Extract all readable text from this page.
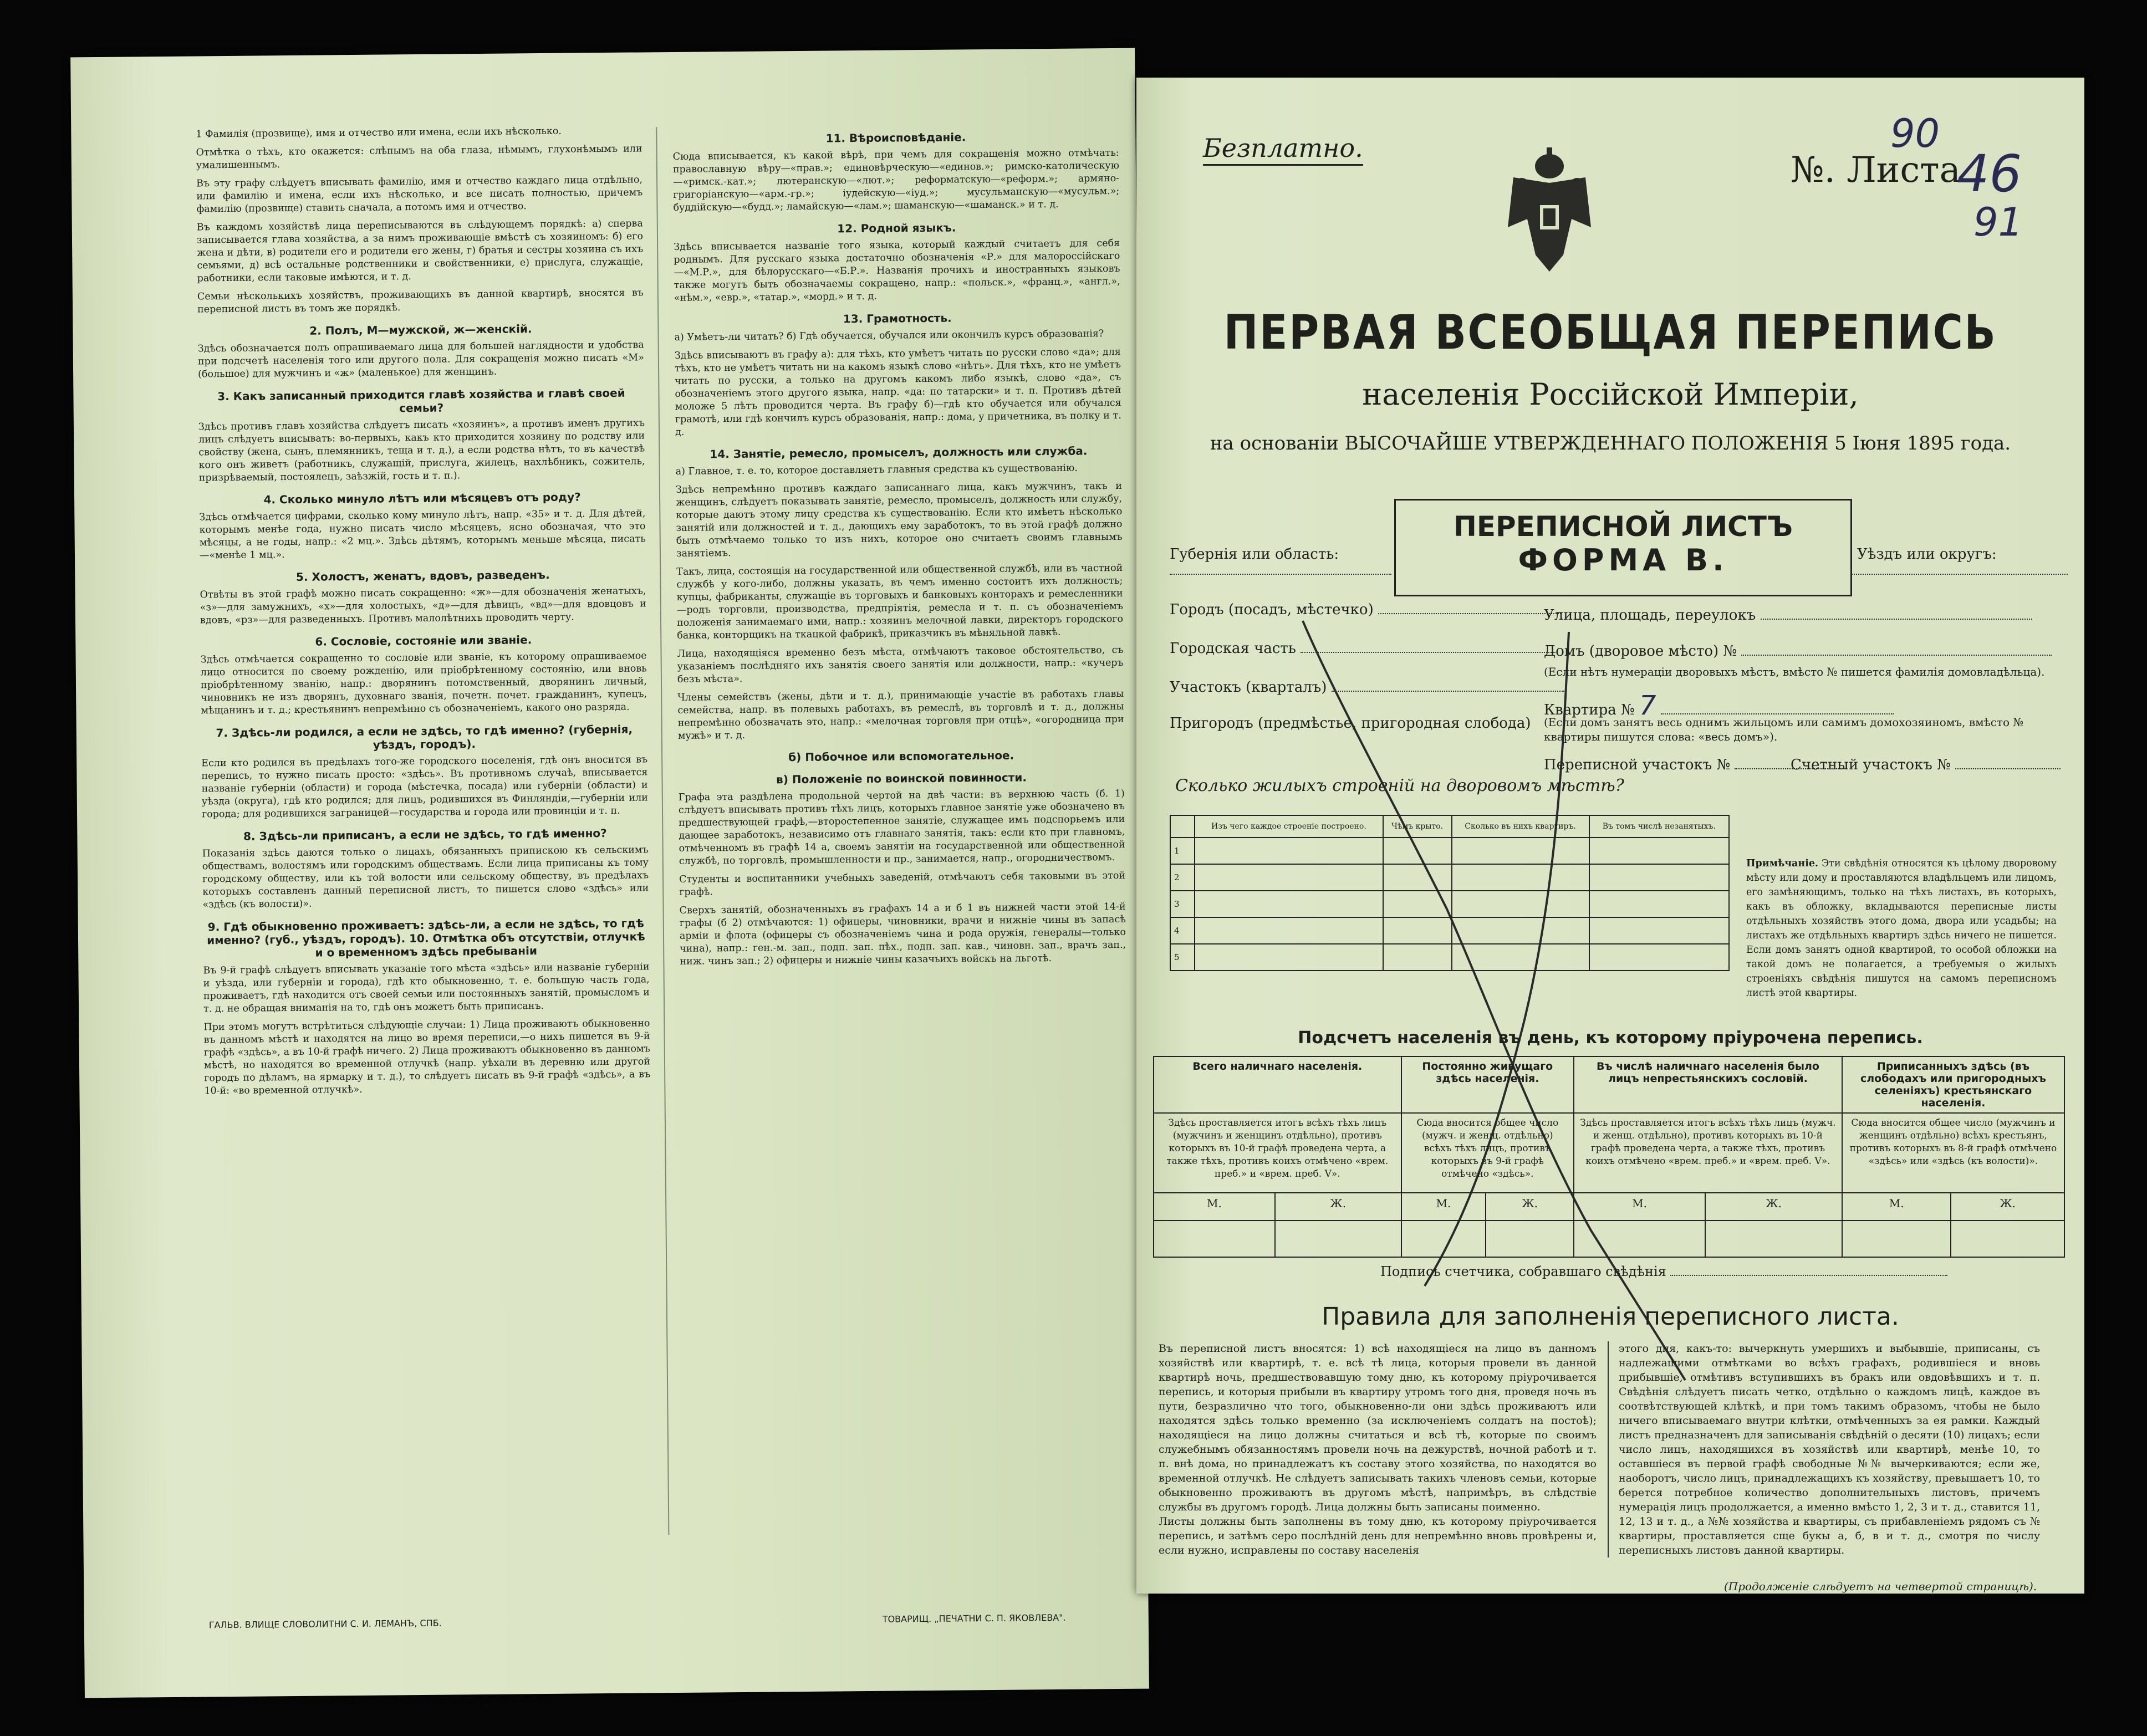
1 Фамилія (прозвище), имя и отчество или имена, если ихъ нѣсколько.

Отмѣтка о тѣхъ, кто окажется: слѣпымъ на оба глаза, нѣмымъ, глухонѣмымъ или умалишеннымъ.

Въ эту графу слѣдуетъ вписывать фамилію, имя и отчество каждаго лица отдѣльно, или фамилію и имена, если ихъ нѣсколько, и все писать полностью, причемъ фамилію (прозвище) ставить сначала, а потомъ имя и отчество.

Въ каждомъ хозяйствѣ лица переписываются въ слѣдующемъ порядкѣ: а) сперва записывается глава хозяйства, а за нимъ проживающіе вмѣстѣ съ хозяиномъ: б) его жена и дѣти, в) родители его и родители его жены, г) братья и сестры хозяина съ ихъ семьями, д) всѣ остальные родственники и свойственники, е) прислуга, служащіе, работники, если таковые имѣются, и т. д.

Семьи нѣсколькихъ хозяйствъ, проживающихъ въ данной квартирѣ, вносятся въ переписной листъ въ томъ же порядкѣ.

2. Полъ, М—мужской, ж—женскій.

Здѣсь обозначается полъ опрашиваемаго лица для большей наглядности и удобства при подсчетѣ населенія того или другого пола. Для сокращенія можно писать «М» (большое) для мужчинъ и «ж» (маленькое) для женщинъ.

3. Какъ записанный приходится главѣ хозяйства и главѣ своей семьи?

Здѣсь противъ главъ хозяйства слѣдуетъ писать «хозяинъ», а противъ именъ другихъ лицъ слѣдуетъ вписывать: во-первыхъ, какъ кто приходится хозяину по родству или свойству (жена, сынъ, племянникъ, теща и т. д.), а если родства нѣтъ, то въ качествѣ кого онъ живетъ (работникъ, служащій, прислуга, жилецъ, нахлѣбникъ, сожитель, призрѣваемый, постоялецъ, заѣзжій, гость и т. п.).

4. Сколько минуло лѣтъ или мѣсяцевъ отъ роду?

Здѣсь отмѣчается цифрами, сколько кому минуло лѣтъ, напр. «35» и т. д. Для дѣтей, которымъ менѣе года, нужно писать число мѣсяцевъ, ясно обозначая, что это мѣсяцы, а не годы, напр.: «2 мц.». Здѣсь дѣтямъ, которымъ меньше мѣсяца, писать—«менѣе 1 мц.».

5. Холостъ, женатъ, вдовъ, разведенъ.

Отвѣты въ этой графѣ можно писать сокращенно: «ж»—для обозначенія женатыхъ, «з»—для замужнихъ, «х»—для холостыхъ, «д»—для дѣвицъ, «вд»—для вдовцовъ и вдовъ, «рз»—для разведенныхъ. Противъ малолѣтнихъ проводить черту.

6. Сословіе, состояніе или званіе.

Здѣсь отмѣчается сокращенно то сословіе или званіе, къ которому опрашиваемое лицо относится по своему рожденію, или пріобрѣтенному состоянію, или вновь пріобрѣтенному званію, напр.: дворянинъ потомственный, дворянинъ личный, чиновникъ не изъ дворянъ, духовнаго званія, почетн. почет. гражданинъ, купецъ, мѣщанинъ и т. д.; крестьянинъ непремѣнно съ обозначеніемъ, какого оно разряда.

7. Здѣсь-ли родился, а если не здѣсь, то гдѣ именно? (губернія, уѣздъ, городъ).

Если кто родился въ предѣлахъ того-же городского поселенія, гдѣ онъ вносится въ перепись, то нужно писать просто: «здѣсь». Въ противномъ случаѣ, вписывается названіе губерніи (области) и города (мѣстечка, посада) или губерніи (области) и уѣзда (округа), гдѣ кто родился; для лицъ, родившихся въ Финляндіи,—губерніи или города; для родившихся заграницей—государства и города или провинціи и т. п.

8. Здѣсь-ли приписанъ, а если не здѣсь, то гдѣ именно?

Показанія здѣсь даются только о лицахъ, обязанныхъ припискою къ сельскимъ обществамъ, волостямъ или городскимъ обществамъ. Если лица приписаны къ тому городскому обществу, или къ той волости или сельскому обществу, въ предѣлахъ которыхъ составленъ данный переписной листъ, то пишется слово «здѣсь» или «здѣсь (къ волости)».

9. Гдѣ обыкновенно проживаетъ: здѣсь-ли, а если не здѣсь, то гдѣ именно? (губ., уѣздъ, городъ). 10. Отмѣтка объ отсутствіи, отлучкѣ и о временномъ здѣсь пребываніи

Въ 9-й графѣ слѣдуетъ вписывать указаніе того мѣста «здѣсь» или названіе губерніи и уѣзда, или губерніи и города), гдѣ кто обыкновенно, т. е. большую часть года, проживаетъ, гдѣ находится отъ своей семьи или постоянныхъ занятій, промысломъ и т. д. не обращая вниманія на то, гдѣ онъ можетъ быть приписанъ.

При этомъ могутъ встрѣтиться слѣдующіе случаи: 1) Лица проживаютъ обыкновенно въ данномъ мѣстѣ и находятся на лицо во время переписи,—о нихъ пишется въ 9-й графѣ «здѣсь», а въ 10-й графѣ ничего. 2) Лица проживаютъ обыкновенно въ данномъ мѣстѣ, но находятся во временной отлучкѣ (напр. уѣхали въ деревню или другой городъ по дѣламъ, на ярмарку и т. д.), то слѣдуетъ писать въ 9-й графѣ «здѣсь», а въ 10-й: «во временной отлучкѣ».

11. Вѣроисповѣданіе.

Сюда вписывается, къ какой вѣрѣ, при чемъ для сокращенія можно отмѣчать: православную вѣру—«прав.»; единовѣрческую—«единов.»; римско-католическую—«римск.-кат.»; лютеранскую—«лют.»; реформатскую—«реформ.»; армяно-григоріанскую—«арм.-гр.»; іудейскую—«іуд.»; мусульманскую—«мусульм.»; буддійскую—«будд.»; ламайскую—«лам.»; шаманскую—«шаманск.» и т. д.

12. Родной языкъ.

Здѣсь вписывается названіе того языка, который каждый считаетъ для себя роднымъ. Для русскаго языка достаточно обозначенія «Р.» для малороссійскаго—«М.Р.», для бѣлорусскаго—«Б.Р.». Названія прочихъ и иностранныхъ языковъ также могутъ быть обозначаемы сокращено, напр.: «польск.», «франц.», «англ.», «нѣм.», «евр.», «татар.», «морд.» и т. д.

13. Грамотность.

а) Умѣетъ-ли читать? б) Гдѣ обучается, обучался или окончилъ курсъ образованія?

Здѣсь вписываютъ въ графу а): для тѣхъ, кто умѣетъ читать по русски слово «да»; для тѣхъ, кто не умѣетъ читать ни на какомъ языкѣ слово «нѣтъ». Для тѣхъ, кто не умѣетъ читать по русски, а только на другомъ какомъ либо языкѣ, слово «да», съ обозначеніемъ этого другого языка, напр. «да: по татарски» и т. п. Противъ дѣтей моложе 5 лѣтъ проводится черта. Въ графу б)—гдѣ кто обучается или обучался грамотѣ, или гдѣ кончилъ курсъ образованія, напр.: дома, у причетника, въ полку и т. д.

14. Занятіе, ремесло, промыселъ, должность или служба.

а) Главное, т. е. то, которое доставляетъ главныя средства къ существованію.

Здѣсь непремѣнно противъ каждаго записаннаго лица, какъ мужчинъ, такъ и женщинъ, слѣдуетъ показывать занятіе, ремесло, промыселъ, должность или службу, которые даютъ этому лицу средства къ существованію. Если кто имѣетъ нѣсколько занятій или должностей и т. д., дающихъ ему заработокъ, то въ этой графѣ должно быть отмѣчаемо только то изъ нихъ, которое оно считаетъ своимъ главнымъ занятіемъ.

Такъ, лица, состоящія на государственной или общественной службѣ, или въ частной службѣ у кого-либо, должны указать, въ чемъ именно состоитъ ихъ должность; купцы, фабриканты, служащіе въ торговыхъ и банковыхъ конторахъ и ремесленники—родъ торговли, производства, предпріятія, ремесла и т. п. съ обозначеніемъ положенія занимаемаго ими, напр.: хозяинъ мелочной лавки, директоръ городского банка, конторщикъ на ткацкой фабрикѣ, приказчикъ въ мѣняльной лавкѣ.

Лица, находящіяся временно безъ мѣста, отмѣчаютъ таковое обстоятельство, съ указаніемъ послѣдняго ихъ занятія своего занятія или должности, напр.: «кучеръ безъ мѣста».

Члены семействъ (жены, дѣти и т. д.), принимающіе участіе въ работахъ главы семейства, напр. въ полевыхъ работахъ, въ ремеслѣ, въ торговлѣ и т. д., должны непремѣнно обозначать это, напр.: «мелочная торговля при отцѣ», «огородница при мужѣ» и т. д.

б) Побочное или вспомогательное.
в) Положеніе по воинской повинности.

Графа эта раздѣлена продольной чертой на двѣ части: въ верхнюю часть (б. 1) слѣдуетъ вписывать противъ тѣхъ лицъ, которыхъ главное занятіе уже обозначено въ предшествующей графѣ,—второстепенное занятіе, служащее имъ подспорьемъ или дающее заработокъ, независимо отъ главнаго занятія, такъ: если кто при главномъ, отмѣченномъ въ графѣ 14 а, своемъ занятіи на государственной или общественной службѣ, по торговлѣ, промышленности и пр., занимается, напр., огородничествомъ.

Студенты и воспитанники учебныхъ заведеній, отмѣчаютъ себя таковыми въ этой графѣ.

Сверхъ занятій, обозначенныхъ въ графахъ 14 а и б 1 въ нижней части этой 14-й графы (б 2) отмѣчаются: 1) офицеры, чиновники, врачи и нижніе чины въ запасѣ арміи и флота (офицеры съ обозначеніемъ чина и рода оружія, генералы—только чина), напр.: ген.-м. зап., подп. зап. пѣх., подп. зап. кав., чиновн. зап., врачъ зап., ниж. чинъ зап.; 2) офицеры и нижніе чины казачьихъ войскъ на льготѣ.

ГАЛЬВ. ВЛИЩЕ СЛОВОЛИТНИ С. И. ЛЕМАНЪ, СПБ.	ТОВАРИЩ. „ПЕЧАТНИ С. П. ЯКОВЛЕВА".
Безплатно.
№. Листа
90
46
91
ПЕРВАЯ ВСЕОБЩАЯ ПЕРЕПИСЬ
населенія Россійской Имперіи,
на основаніи ВЫСОЧАЙШЕ УТВЕРЖДЕННАГО ПОЛОЖЕНІЯ 5 Іюня 1895 года.
Губернія или область:	Уѣздъ или округъ:
ПЕРЕПИСНОЙ ЛИСТЪ
ФОРМА В.
Городъ (посадъ, мѣстечко)
Городская часть
Участокъ (кварталъ)
Пригородъ (предмѣстье, пригородная слобода)
Улица, площадь, переулокъ
Домъ (дворовое мѣсто) №
(Если нѣтъ нумераціи дворовыхъ мѣстъ, вмѣсто № пишется фамилія домовладѣльца).
Квартира № 7
(Если домъ занятъ весь однимъ жильцомъ или самимъ домохозяиномъ, вмѣсто № квартиры пишутся слова: «весь домъ»).
Переписной участокъ №	Счетный участокъ №
Сколько жилыхъ строеній на дворовомъ мѣстѣ?
	Изъ чего каждое строеніе построено.	Чѣмъ крыто.	Сколько въ нихъ квартиръ.	Въ томъ числѣ незанятыхъ.
1				
2				
3				
4				
5				
Примѣчаніе. Эти свѣдѣнія относятся къ цѣлому дворовому мѣсту или дому и проставляются владѣльцемъ или лицомъ, его замѣняющимъ, только на тѣхъ листахъ, въ которыхъ, какъ въ обложку, вкладываются переписные листы отдѣльныхъ хозяйствъ этого дома, двора или усадьбы; на листахъ же отдѣльныхъ квартиръ здѣсь ничего не пишется. Если домъ занятъ одной квартирой, то особой обложки на такой домъ не полагается, а требуемыя о жилыхъ строеніяхъ свѣдѣнія пишутся на самомъ переписномъ листѣ этой квартиры.
Подсчетъ населенія въ день, къ которому пріурочена перепись.
Всего наличнаго населенія.		Постоянно живущаго здѣсь населенія.		Въ числѣ наличнаго населенія было лицъ непрестьянскихъ сословій.		Приписанныхъ здѣсь (въ слободахъ или пригородныхъ селеніяхъ) крестьянскаго населенія.	
Здѣсь проставляется итогъ всѣхъ тѣхъ лицъ (мужчинъ и женщинъ отдѣльно), противъ которыхъ въ 10-й графѣ проведена черта, а также тѣхъ, противъ коихъ отмѣчено «врем. преб.» и «врем. преб. V».		Сюда вносится общее число (мужч. и женщ. отдѣльно) всѣхъ тѣхъ лицъ, противъ которыхъ въ 9-й графѣ отмѣчено «здѣсь».		Здѣсь проставляется итогъ всѣхъ тѣхъ лицъ (мужч. и женщ. отдѣльно), противъ которыхъ въ 10-й графѣ проведена черта, а также тѣхъ, противъ коихъ отмѣчено «врем. преб.» и «врем. преб. V».		Сюда вносится общее число (мужчинъ и женщинъ отдѣльно) всѣхъ крестьянъ, противъ которыхъ въ 8-й графѣ отмѣчено «здѣсь» или «здѣсь (къ волости)».	
М.	Ж.	М.	Ж.	М.	Ж.	М.	Ж.

Подпись счетчика, собравшаго свѣдѣнія
Правила для заполненія переписного листа.
Въ переписной листъ вносятся: 1) всѣ находящіеся на лицо въ данномъ хозяйствѣ или квартирѣ, т. е. всѣ тѣ лица, которыя провели въ данной квартирѣ ночь, предшествовавшую тому дню, къ которому пріурочивается перепись, и которыя прибыли въ квартиру утромъ того дня, проведя ночь въ пути, безразлично что того, обыкновенно-ли они здѣсь проживаютъ или находятся здѣсь только временно (за исключеніемъ солдатъ на постоѣ); находящіеся на лицо должны считаться и всѣ тѣ, которые по своимъ служебнымъ обязанностямъ провели ночь на дежурствѣ, ночной работѣ и т. п. внѣ дома, но принадлежатъ къ составу этого хозяйства, по находятся во временной отлучкѣ. Не слѣдуетъ записывать такихъ членовъ семьи, которые обыкновенно проживаютъ въ другомъ мѣстѣ, напримѣръ, въ слѣдствіе службы въ другомъ городѣ. Лица должны быть записаны поименно.
Листы должны быть заполнены въ тому дню, къ которому пріурочивается перепись, и затѣмъ серо послѣдній день для непремѣнно вновь провѣрены и, если нужно, исправлены по составу населенія
этого дня, какъ-то: вычеркнуть умершихъ и выбывшіе, приписаны, съ надлежащими отмѣтками во всѣхъ графахъ, родившіеся и вновь прибывшіе, отмѣтивъ вступившихъ въ бракъ или овдовѣвшихъ и т. п. Свѣдѣнія слѣдуетъ писать четко, отдѣльно о каждомъ лицѣ, каждое въ соотвѣтствующей клѣткѣ, и при томъ такимъ образомъ, чтобы не было ничего вписываемаго внутри клѣтки, отмѣченныхъ за ея рамки. Каждый листъ предназначенъ для записыванія свѣдѣній о десяти (10) лицахъ; если число лицъ, находящихся въ хозяйствѣ или квартирѣ, менѣе 10, то оставшіеся въ первой графѣ свободные №№ вычеркиваются; если же, наоборотъ, число лицъ, принадлежащихъ къ хозяйству, превышаетъ 10, то берется потребное количество дополнительныхъ листовъ, причемъ нумерація лицъ продолжается, а именно вмѣсто 1, 2, 3 и т. д., ставится 11, 12, 13 и т. д., а №№ хозяйства и квартиры, съ прибавленіемъ рядомъ съ № квартиры, проставляется сще букы а, б, в и т. д., смотря по числу переписныхъ листовъ данной квартиры.
(Продолженіе слѣдуетъ на четвертой страницѣ).
